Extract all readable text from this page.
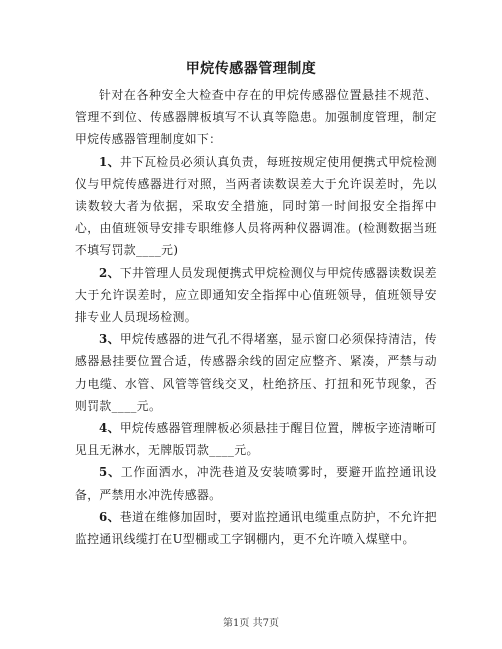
甲烷传感器管理制度

针对在各种安全大检查中存在的甲烷传感器位置悬挂不规范、管理不到位、传感器牌板填写不认真等隐患。加强制度管理，制定甲烷传感器管理制度如下：

1、井下瓦检员必须认真负责，每班按规定使用便携式甲烷检测仪与甲烷传感器进行对照，当两者读数误差大于允许误差时，先以读数较大者为依据，采取安全措施，同时第一时间报安全指挥中心，由值班领导安排专职维修人员将两种仪器调准。(检测数据当班不填写罚款____元)

2、下井管理人员发现便携式甲烷检测仪与甲烷传感器读数误差大于允许误差时，应立即通知安全指挥中心值班领导，值班领导安排专业人员现场检测。

3、甲烷传感器的进气孔不得堵塞，显示窗口必须保持清洁，传感器悬挂要位置合适，传感器余线的固定应整齐、紧凑，严禁与动力电缆、水管、风管等管线交叉，杜绝挤压、打扭和死节现象，否则罚款____元。

4、甲烷传感器管理牌板必须悬挂于醒目位置，牌板字迹清晰可见且无淋水，无牌版罚款____元。

5、工作面洒水，冲洗巷道及安装喷雾时，要避开监控通讯设备，严禁用水冲洗传感器。

6、巷道在维修加固时，要对监控通讯电缆重点防护，不允许把监控通讯线缆打在U型棚或工字钢棚内，更不允许喷入煤壁中。

第1页 共7页
